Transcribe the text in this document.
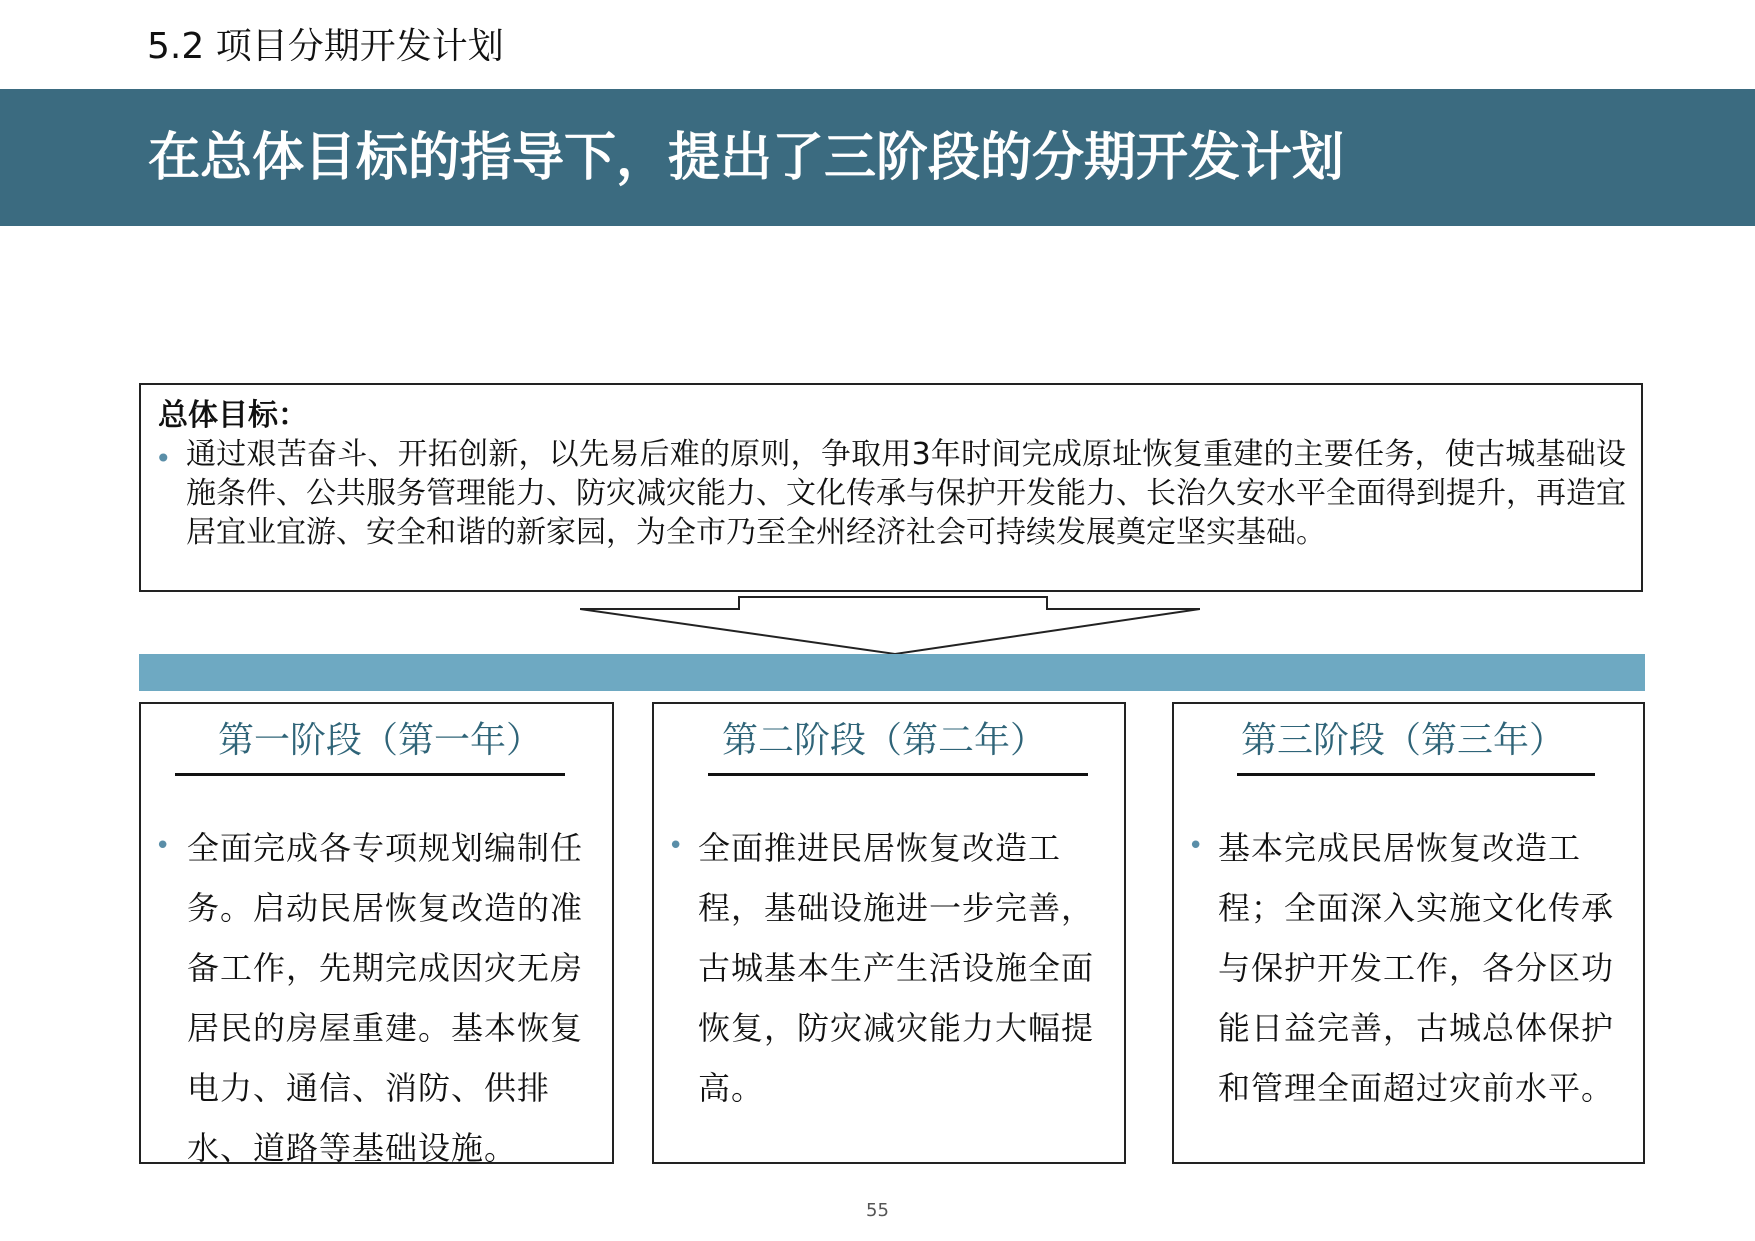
5.2 项目分期开发计划
在总体目标的指导下，提出了三阶段的分期开发计划
总体目标：
• 通过艰苦奋斗、开拓创新，以先易后难的原则，争取用3年时间完成原址恢复重建的主要任务，使古城基础设施条件、公共服务管理能力、防灾减灾能力、文化传承与保护开发能力、长治久安水平全面得到提升，再造宜居宜业宜游、安全和谐的新家园，为全市乃至全州经济社会可持续发展奠定坚实基础。
第一阶段（第一年）
• 全面完成各专项规划编制任务。启动民居恢复改造的准备工作，先期完成因灾无房居民的房屋重建。基本恢复电力、通信、消防、供排水、道路等基础设施。
第二阶段（第二年）
• 全面推进民居恢复改造工程，基础设施进一步完善，古城基本生产生活设施全面恢复，防灾减灾能力大幅提高。
第三阶段（第三年）
• 基本完成民居恢复改造工程；全面深入实施文化传承与保护开发工作，各分区功能日益完善，古城总体保护和管理全面超过灾前水平。
55
